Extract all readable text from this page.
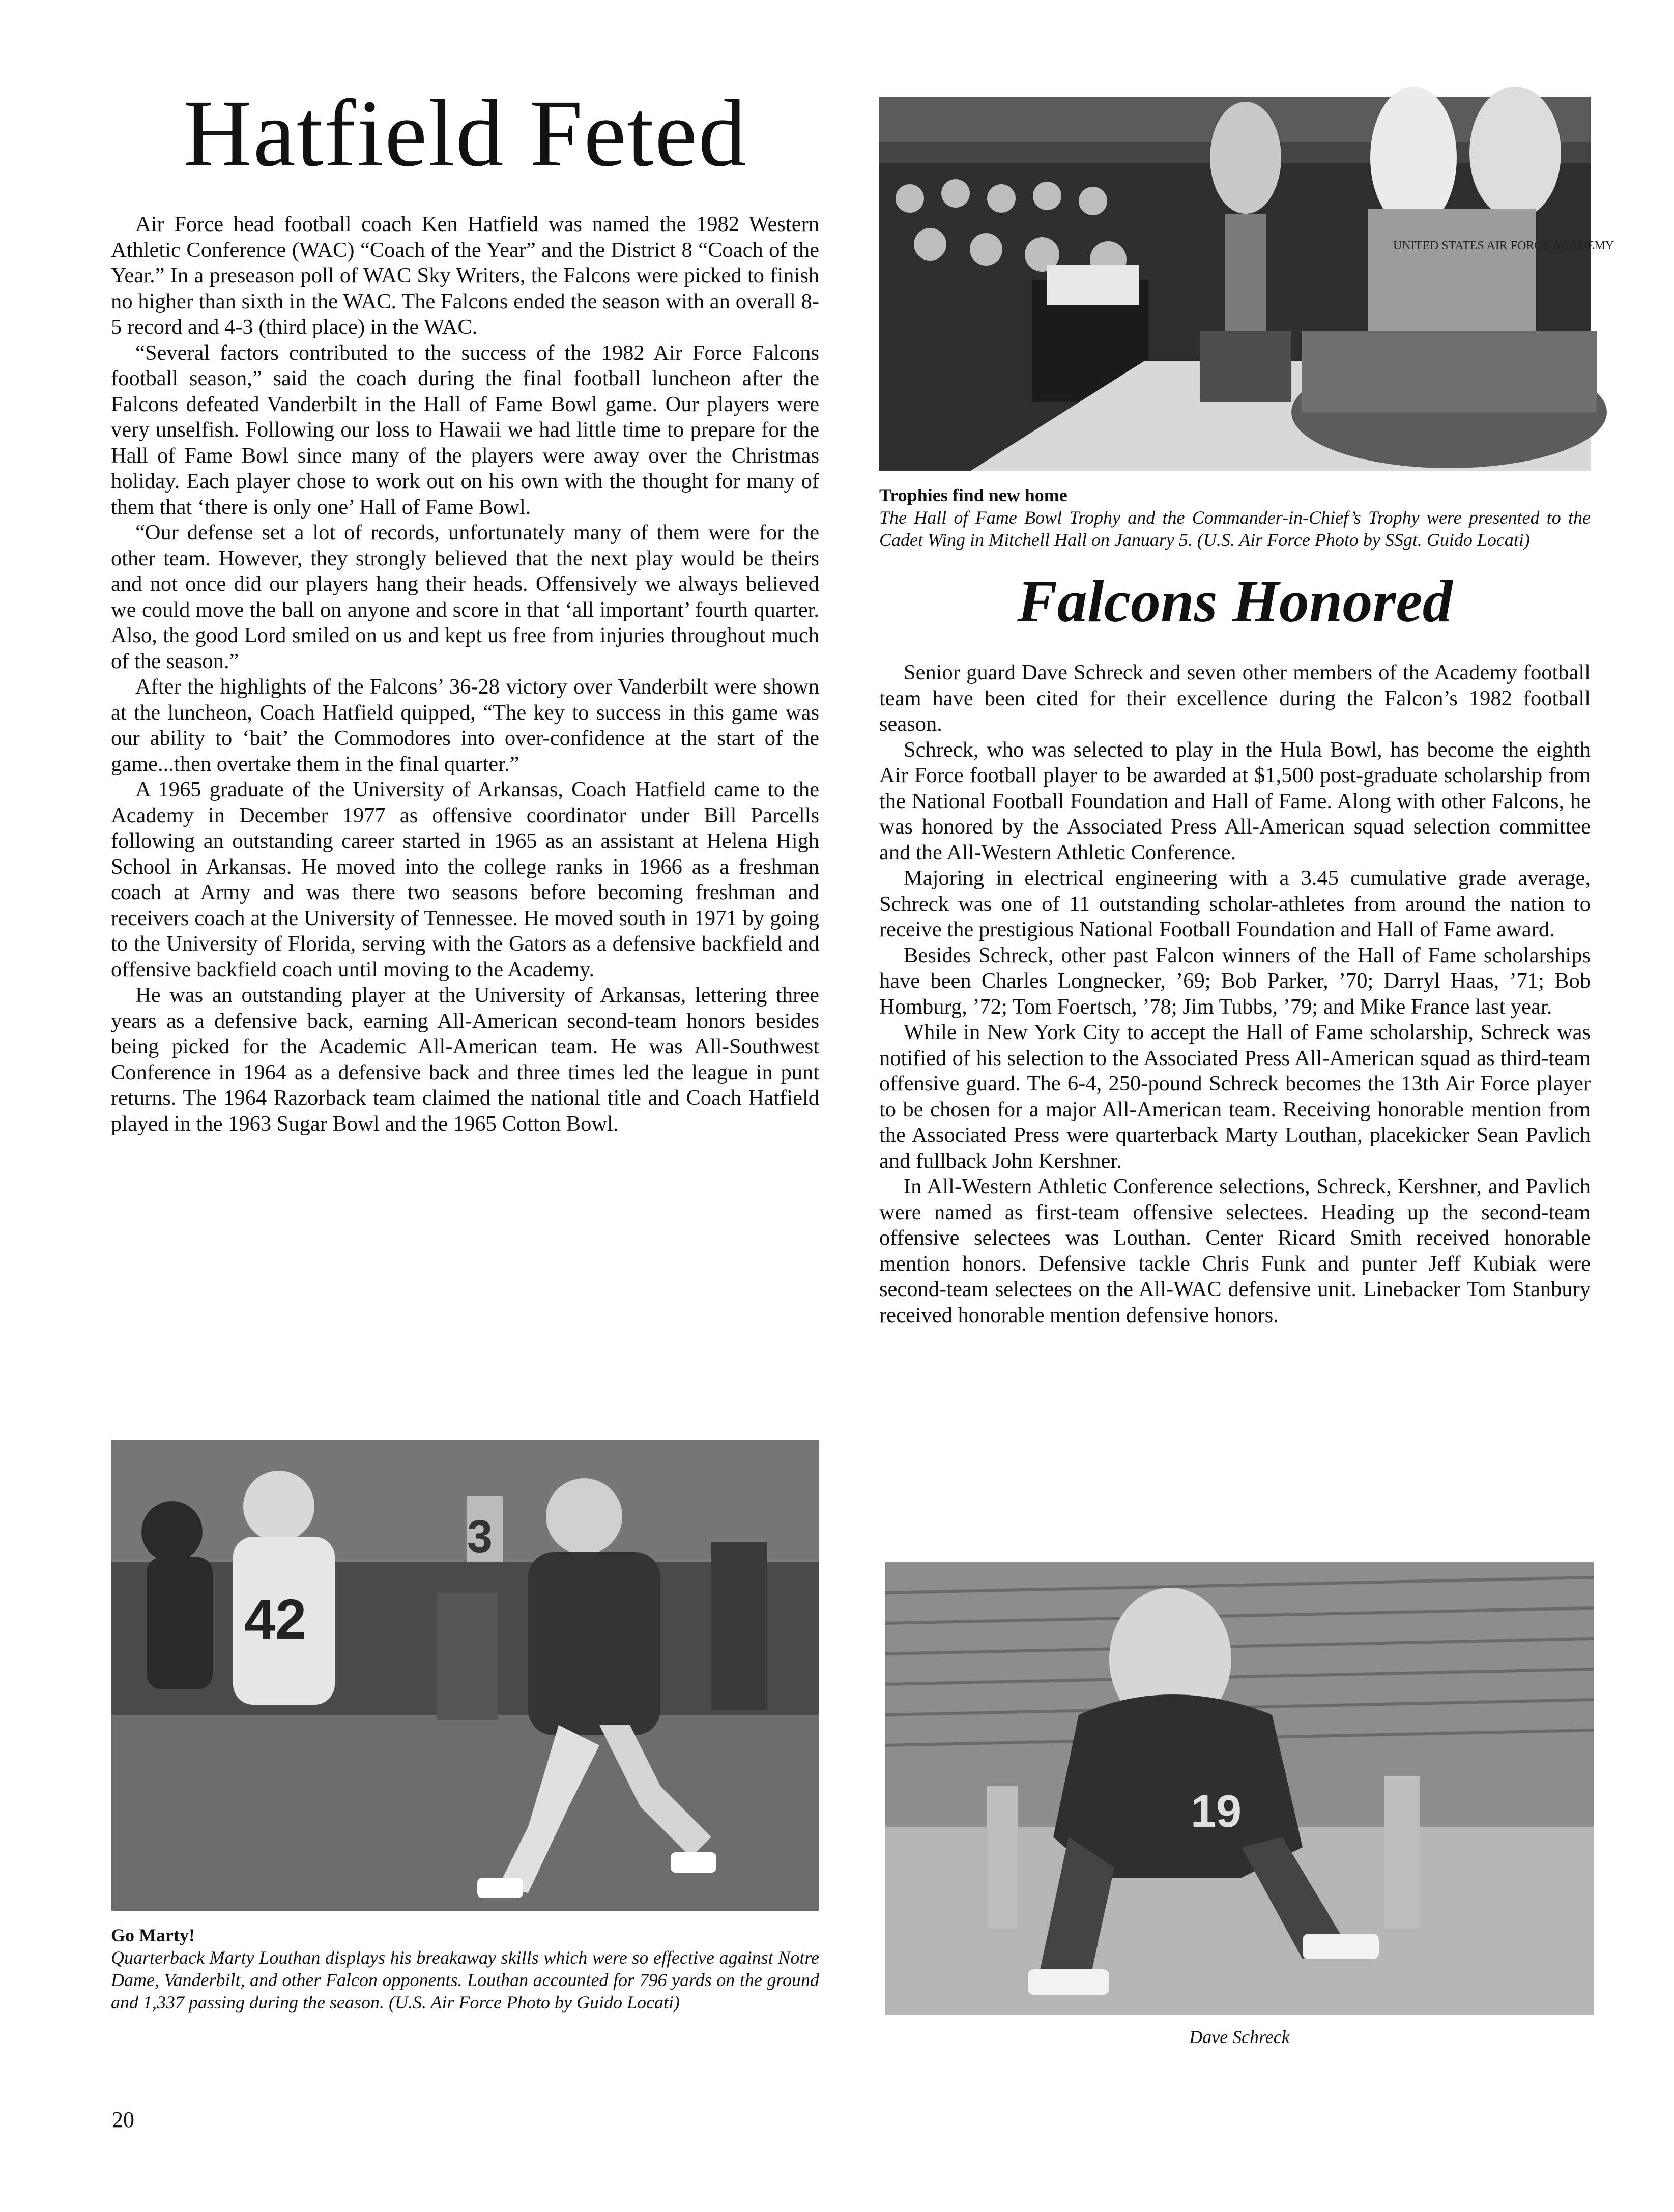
Hatfield Feted

Air Force head football coach Ken Hatfield was named the 1982 Western Athletic Conference (WAC) “Coach of the Year” and the District 8 “Coach of the Year.” In a preseason poll of WAC Sky Writers, the Falcons were picked to finish no higher than sixth in the WAC. The Falcons ended the season with an overall 8-5 record and 4-3 (third place) in the WAC.

“Several factors contributed to the success of the 1982 Air Force Falcons football season,” said the coach during the final football luncheon after the Falcons defeated Vanderbilt in the Hall of Fame Bowl game. Our players were very unselfish. Following our loss to Hawaii we had little time to prepare for the Hall of Fame Bowl since many of the players were away over the Christmas holiday. Each player chose to work out on his own with the thought for many of them that ‘there is only one’ Hall of Fame Bowl.

“Our defense set a lot of records, unfortunately many of them were for the other team. However, they strongly believed that the next play would be theirs and not once did our players hang their heads. Offensively we always believed we could move the ball on anyone and score in that ‘all important’ fourth quarter. Also, the good Lord smiled on us and kept us free from injuries throughout much of the season.”

After the highlights of the Falcons’ 36-28 victory over Vanderbilt were shown at the luncheon, Coach Hatfield quipped, “The key to success in this game was our ability to ‘bait’ the Commodores into over-confidence at the start of the game...then overtake them in the final quarter.”

A 1965 graduate of the University of Arkansas, Coach Hatfield came to the Academy in December 1977 as offensive coordinator under Bill Parcells following an outstanding career started in 1965 as an assistant at Helena High School in Arkansas. He moved into the college ranks in 1966 as a freshman coach at Army and was there two seasons before becoming freshman and receivers coach at the University of Tennessee. He moved south in 1971 by going to the University of Florida, serving with the Gators as a defensive backfield and offensive backfield coach until moving to the Academy.

He was an outstanding player at the University of Arkansas, lettering three years as a defensive back, earning All-American second-team honors besides being picked for the Academic All-American team. He was All-Southwest Conference in 1964 as a defensive back and three times led the league in punt returns. The 1964 Razorback team claimed the national title and Coach Hatfield played in the 1963 Sugar Bowl and the 1965 Cotton Bowl.

42
3
Go Marty!
Quarterback Marty Louthan displays his breakaway skills which were so effective against Notre Dame, Vanderbilt, and other Falcon opponents. Louthan accounted for 796 yards on the ground and 1,337 passing during the season. (U.S. Air Force Photo by Guido Locati)
UNITED STATES AIR FORCE ACADEMY
Trophies find new home
The Hall of Fame Bowl Trophy and the Commander-in-Chief’s Trophy were presented to the Cadet Wing in Mitchell Hall on January 5. (U.S. Air Force Photo by SSgt. Guido Locati)
Falcons Honored

Senior guard Dave Schreck and seven other members of the Academy football team have been cited for their excellence during the Falcon’s 1982 football season.

Schreck, who was selected to play in the Hula Bowl, has become the eighth Air Force football player to be awarded at $1,500 post-graduate scholarship from the National Football Foundation and Hall of Fame. Along with other Falcons, he was honored by the Associated Press All-American squad selection committee and the All-Western Athletic Conference.

Majoring in electrical engineering with a 3.45 cumulative grade average, Schreck was one of 11 outstanding scholar-athletes from around the nation to receive the prestigious National Football Foundation and Hall of Fame award.

Besides Schreck, other past Falcon winners of the Hall of Fame scholarships have been Charles Longnecker, ’69; Bob Parker, ’70; Darryl Haas, ’71; Bob Homburg, ’72; Tom Foertsch, ’78; Jim Tubbs, ’79; and Mike France last year.

While in New York City to accept the Hall of Fame scholarship, Schreck was notified of his selection to the Associated Press All-American squad as third-team offensive guard. The 6-4, 250-pound Schreck becomes the 13th Air Force player to be chosen for a major All-American team. Receiving honorable mention from the Associated Press were quarterback Marty Louthan, placekicker Sean Pavlich and fullback John Kershner.

In All-Western Athletic Conference selections, Schreck, Kershner, and Pavlich were named as first-team offensive selectees. Heading up the second-team offensive selectees was Louthan. Center Ricard Smith received honorable mention honors. Defensive tackle Chris Funk and punter Jeff Kubiak were second-team selectees on the All-WAC defensive unit. Linebacker Tom Stanbury received honorable mention defensive honors.

19
Dave Schreck
20
